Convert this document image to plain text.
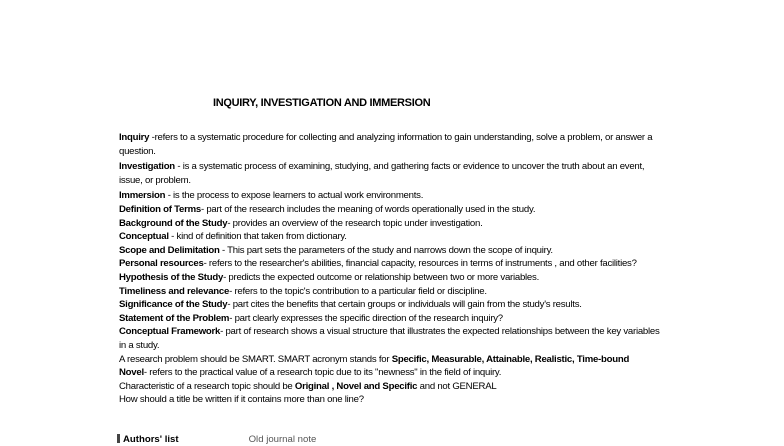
INQUIRY, INVESTIGATION AND IMMERSION
Inquiry -refers to a systematic procedure for collecting and analyzing information to gain understanding, solve a problem, or answer a question.
Investigation - is a systematic process of examining, studying, and gathering facts or evidence to uncover the truth about an event, issue, or problem.
Immersion - is the process to expose learners to actual work environments.
Definition of Terms- part of the research includes the meaning of words operationally used in the study.
Background of the Study- provides an overview of the research topic under investigation.
Conceptual - kind of definition that taken from dictionary.
Scope and Delimitation - This part sets the parameters of the study and narrows down the scope of inquiry.
Personal resources- refers to the researcher's abilities, financial capacity, resources in terms of instruments , and other facilities?
Hypothesis of the Study- predicts the expected outcome or relationship between two or more variables.
Timeliness and relevance- refers to the topic's contribution to a particular field or discipline.
Significance of the Study- part cites the benefits that certain groups or individuals will gain from the study's results.
Statement of the Problem- part clearly expresses the specific direction of the research inquiry?
Conceptual Framework- part of research shows a visual structure that illustrates the expected relationships between the key variables in a study.
A research problem should be SMART. SMART acronym stands for Specific, Measurable, Attainable, Realistic, Time-bound
Novel- refers to the practical value of a research topic due to its "newness" in the field of inquiry.
Characteristic of a research topic should be Original , Novel and Specific and not GENERAL
How should a title be written if it contains more than one line?
Authors' list	Old journal note
